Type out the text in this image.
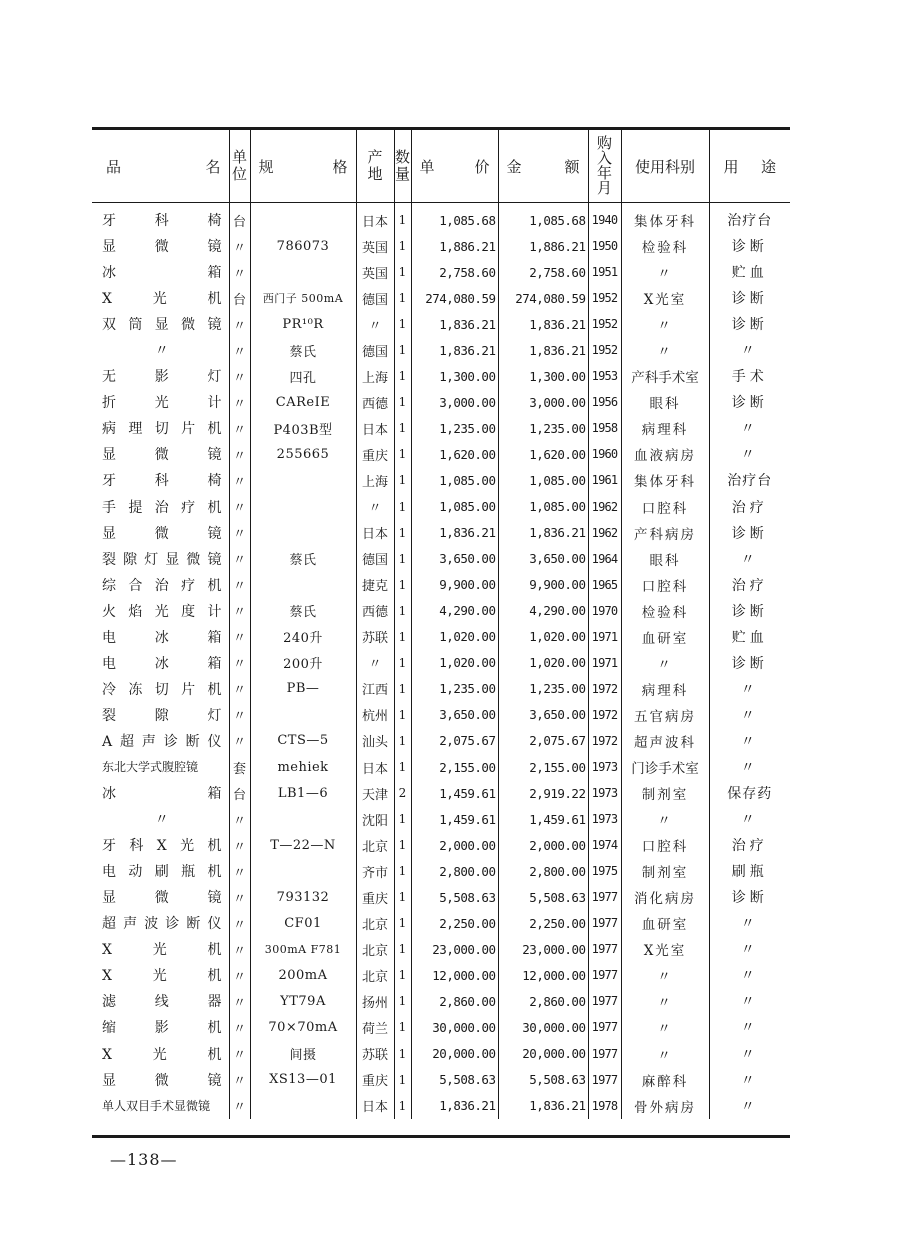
品 名	单位	规 格	产地	数量	单 价	金 额	购入年月	使用科别	用 途

牙科椅	台		日本	1	1,085.68	1,085.68	1940	集体牙科	治疗台
显微镜	〃	786073	英国	1	1,886.21	1,886.21	1950	检验科	诊断
冰箱	〃		英国	1	2,758.60	2,758.60	1951	〃	贮血
X光机	台	西门子 500mA	德国	1	274,080.59	274,080.59	1952	X光室	诊断
双筒显微镜	〃	PR¹⁰R	〃	1	1,836.21	1,836.21	1952	〃	诊断
〃	〃	蔡氏	德国	1	1,836.21	1,836.21	1952	〃	〃
无影灯	〃	四孔	上海	1	1,300.00	1,300.00	1953	产科手术室	手术
折光计	〃	CAReIE	西德	1	3,000.00	3,000.00	1956	眼科	诊断
病理切片机	〃	P403B型	日本	1	1,235.00	1,235.00	1958	病理科	〃
显微镜	〃	255665	重庆	1	1,620.00	1,620.00	1960	血液病房	〃
牙科椅	〃		上海	1	1,085.00	1,085.00	1961	集体牙科	治疗台
手提治疗机	〃		〃	1	1,085.00	1,085.00	1962	口腔科	治疗
显微镜	〃		日本	1	1,836.21	1,836.21	1962	产科病房	诊断
裂隙灯显微镜	〃	蔡氏	德国	1	3,650.00	3,650.00	1964	眼科	〃
综合治疗机	〃		捷克	1	9,900.00	9,900.00	1965	口腔科	治疗
火焰光度计	〃	蔡氏	西德	1	4,290.00	4,290.00	1970	检验科	诊断
电冰箱	〃	240升	苏联	1	1,020.00	1,020.00	1971	血研室	贮血
电冰箱	〃	200升	〃	1	1,020.00	1,020.00	1971	〃	诊断
冷冻切片机	〃	PB—	江西	1	1,235.00	1,235.00	1972	病理科	〃
裂隙灯	〃		杭州	1	3,650.00	3,650.00	1972	五官病房	〃
A超声诊断仪	〃	CTS—5	汕头	1	2,075.67	2,075.67	1972	超声波科	〃
东北大学式腹腔镜	套	mehiek	日本	1	2,155.00	2,155.00	1973	门诊手术室	〃
冰箱	台	LB1—6	天津	2	1,459.61	2,919.22	1973	制剂室	保存药
〃	〃		沈阳	1	1,459.61	1,459.61	1973	〃	〃
牙科X光机	〃	T—22—N	北京	1	2,000.00	2,000.00	1974	口腔科	治疗
电动刷瓶机	〃		齐市	1	2,800.00	2,800.00	1975	制剂室	刷瓶
显微镜	〃	793132	重庆	1	5,508.63	5,508.63	1977	消化病房	诊断
超声波诊断仪	〃	CF01	北京	1	2,250.00	2,250.00	1977	血研室	〃
X光机	〃	300mA F781	北京	1	23,000.00	23,000.00	1977	X光室	〃
X光机	〃	200mA	北京	1	12,000.00	12,000.00	1977	〃	〃
滤线器	〃	YT79A	扬州	1	2,860.00	2,860.00	1977	〃	〃
缩影机	〃	70×70mA	荷兰	1	30,000.00	30,000.00	1977	〃	〃
X光机	〃	间摄	苏联	1	20,000.00	20,000.00	1977	〃	〃
显微镜	〃	XS13—01	重庆	1	5,508.63	5,508.63	1977	麻醉科	〃
单人双目手术显微镜	〃		日本	1	1,836.21	1,836.21	1978	骨外病房	〃
—138—
